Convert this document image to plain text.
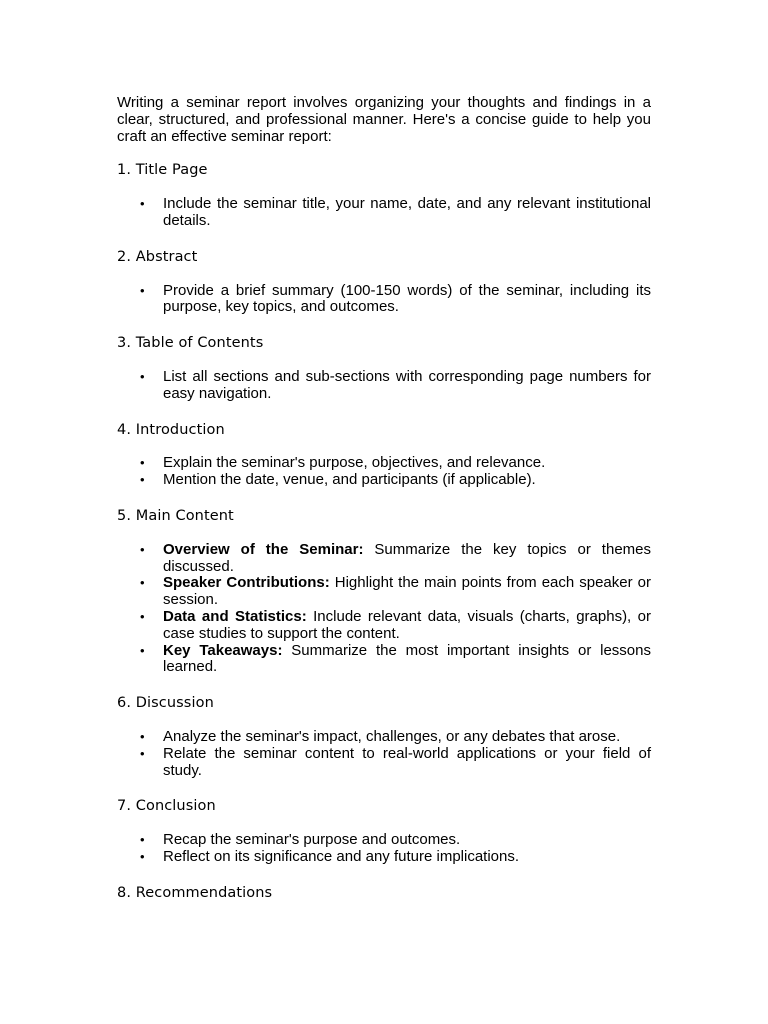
Writing a seminar report involves organizing your thoughts and findings in a clear, structured, and professional manner. Here's a concise guide to help you craft an effective seminar report:

1. Title Page
• Include the seminar title, your name, date, and any relevant institutional details.
2. Abstract
• Provide a brief summary (100-150 words) of the seminar, including its purpose, key topics, and outcomes.
3. Table of Contents
• List all sections and sub-sections with corresponding page numbers for easy navigation.
4. Introduction
• Explain the seminar's purpose, objectives, and relevance.
• Mention the date, venue, and participants (if applicable).
5. Main Content
• Overview of the Seminar: Summarize the key topics or themes discussed.
• Speaker Contributions: Highlight the main points from each speaker or session.
• Data and Statistics: Include relevant data, visuals (charts, graphs), or case studies to support the content.
• Key Takeaways: Summarize the most important insights or lessons learned.
6. Discussion
• Analyze the seminar's impact, challenges, or any debates that arose.
• Relate the seminar content to real-world applications or your field of study.
7. Conclusion
• Recap the seminar's purpose and outcomes.
• Reflect on its significance and any future implications.
8. Recommendations
